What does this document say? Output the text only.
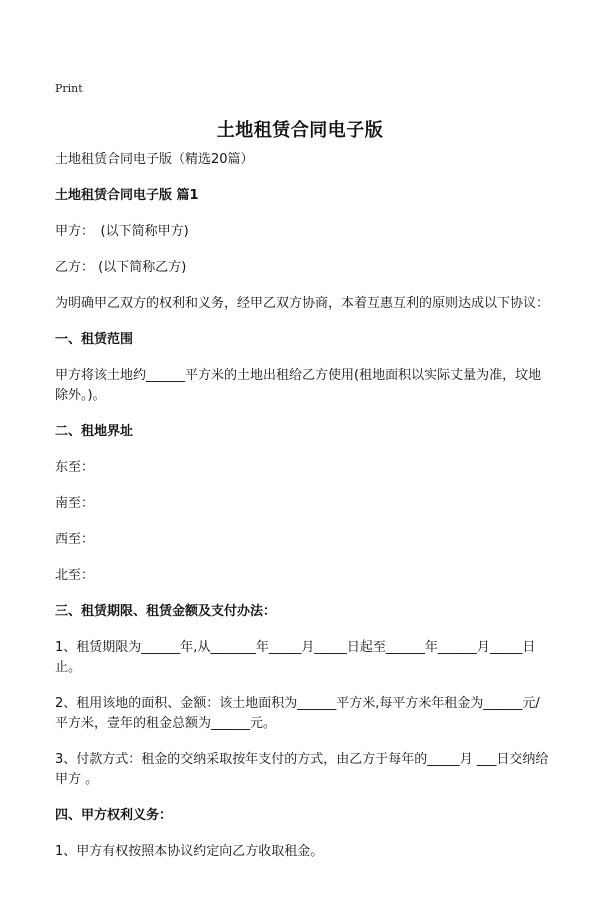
Print
土地租赁合同电子版

土地租赁合同电子版（精选20篇）

土地租赁合同电子版 篇1

甲方：　(以下简称甲方)

乙方： (以下简称乙方)

为明确甲乙双方的权利和义务，经甲乙双方协商，本着互惠互利的原则达成以下协议：

一、租赁范围

甲方将该土地约______平方米的土地出租给乙方使用(租地面积以实际丈量为准，坟地除外。)。

二、租地界址

东至：

南至：

西至：

北至：

三、租赁期限、租赁金额及支付办法：

1、租赁期限为______年,从_______年_____月_____日起至______年______月_____日止。

2、租用该地的面积、金额：该土地面积为______平方米,每平方米年租金为______元/平方米，壹年的租金总额为______元。

3、付款方式：租金的交纳采取按年支付的方式，由乙方于每年的_____月 ___日交纳给甲方 。

四、甲方权利义务：

1、甲方有权按照本协议约定向乙方收取租金。
